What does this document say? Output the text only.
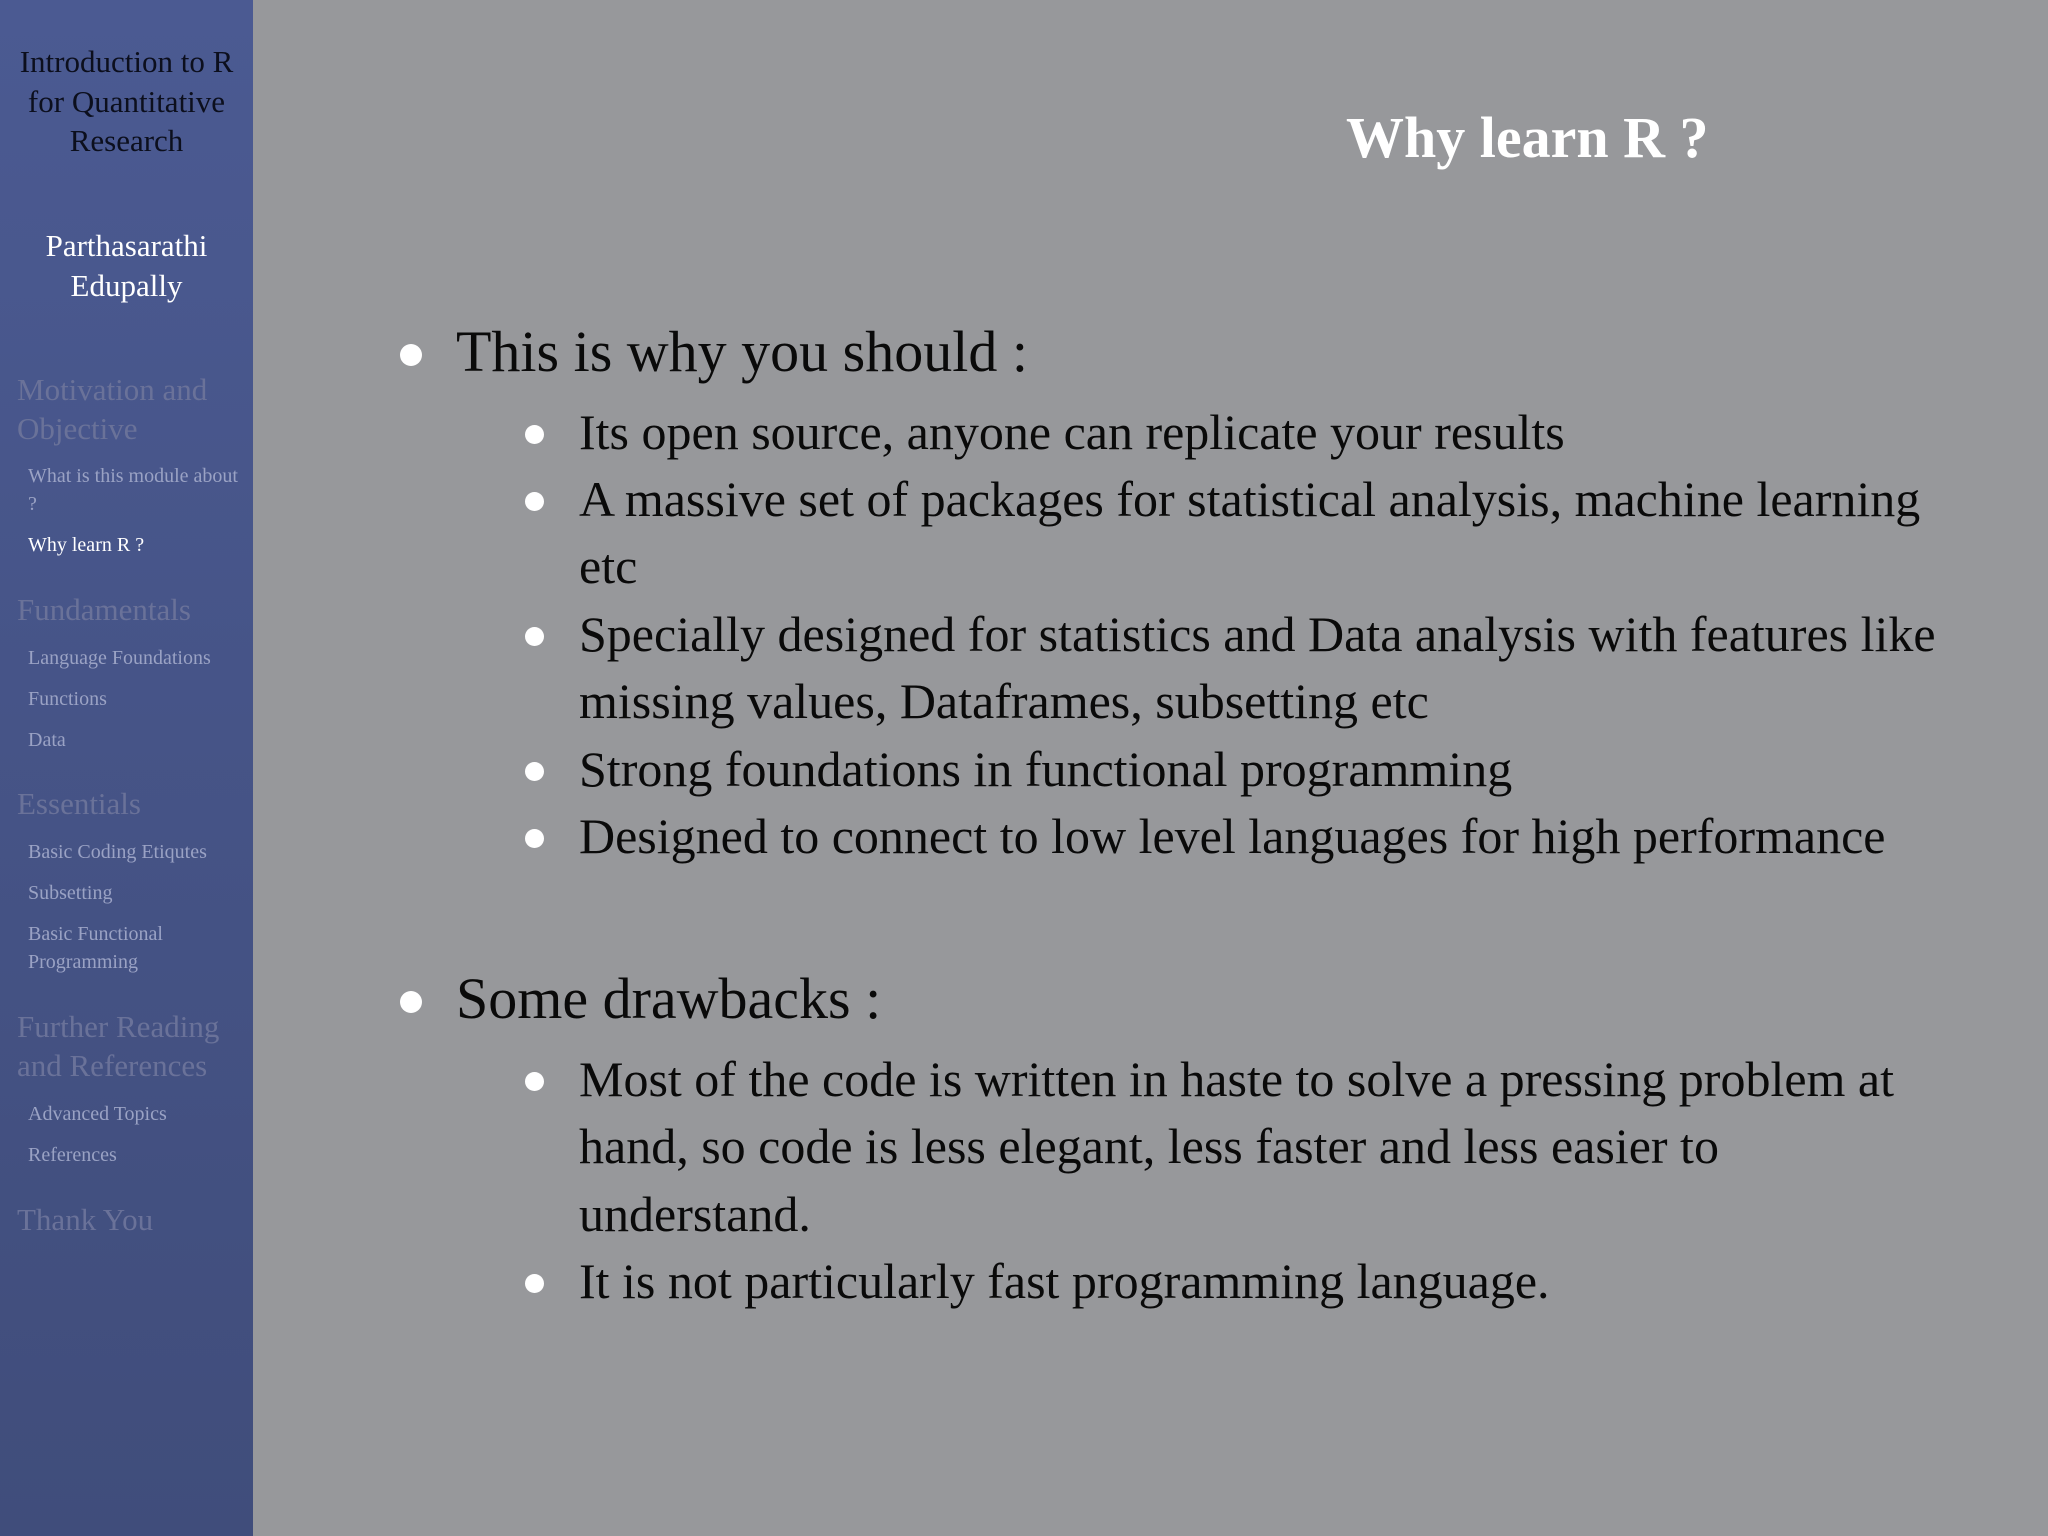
Introduction to R for Quantitative Research
Parthasarathi Edupally
Motivation and Objective
What is this module about ?
Why learn R ?
Fundamentals
Language Foundations
Functions
Data
Essentials
Basic Coding Etiqutes
Subsetting
Basic Functional Programming
Further Reading and References
Advanced Topics
References
Thank You
Why learn R ?
This is why you should :
Its open source, anyone can replicate your results
A massive set of packages for statistical analysis, machine learning etc
Specially designed for statistics and Data analysis with features like missing values, Dataframes, subsetting etc
Strong foundations in functional programming
Designed to connect to low level languages for high performance
Some drawbacks :
Most of the code is written in haste to solve a pressing problem at hand, so code is less elegant, less faster and less easier to understand.
It is not particularly fast programming language.
